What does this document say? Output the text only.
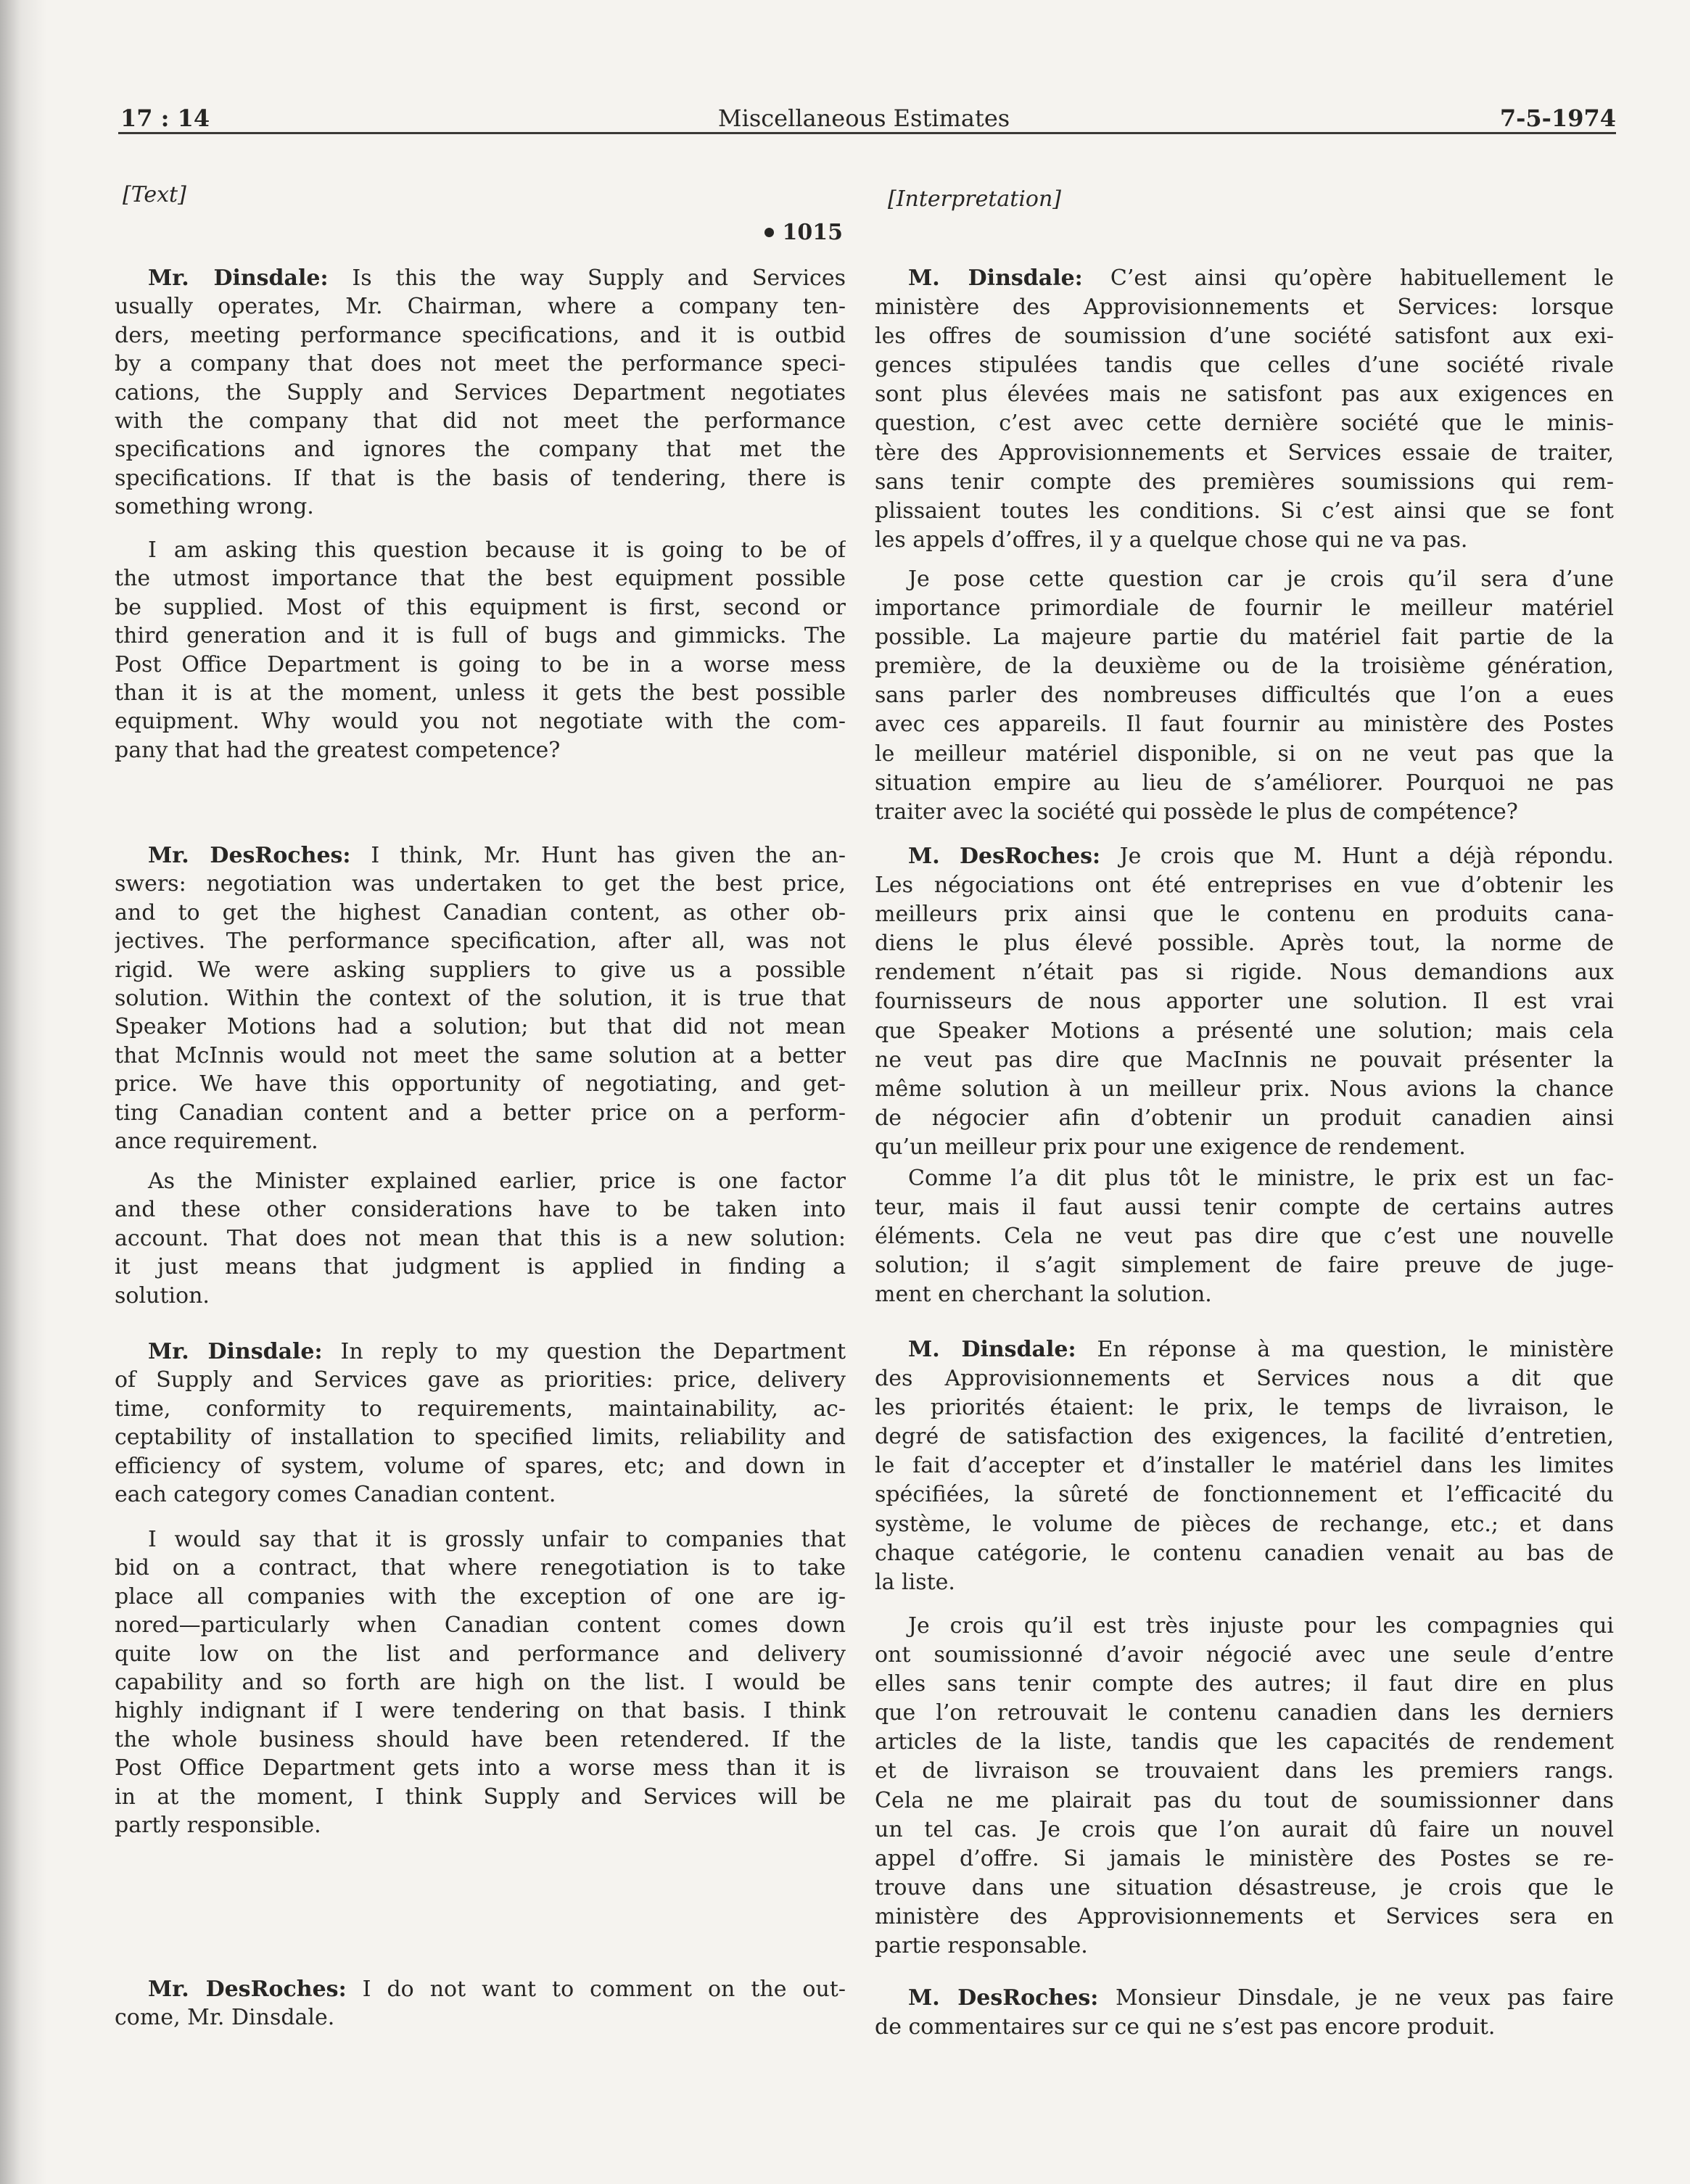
17 : 14	Miscellaneous Estimates	7-5-1974
[Text]
1015
Mr. Dinsdale: Is this the way Supply and Services
usually operates, Mr. Chairman, where a company ten-
ders, meeting performance specifications, and it is outbid
by a company that does not meet the performance speci-
cations, the Supply and Services Department negotiates
with the company that did not meet the performance
specifications and ignores the company that met the
specifications. If that is the basis of tendering, there is
something wrong.
I am asking this question because it is going to be of
the utmost importance that the best equipment possible
be supplied. Most of this equipment is first, second or
third generation and it is full of bugs and gimmicks. The
Post Office Department is going to be in a worse mess
than it is at the moment, unless it gets the best possible
equipment. Why would you not negotiate with the com-
pany that had the greatest competence?
Mr. DesRoches: I think, Mr. Hunt has given the an-
swers: negotiation was undertaken to get the best price,
and to get the highest Canadian content, as other ob-
jectives. The performance specification, after all, was not
rigid. We were asking suppliers to give us a possible
solution. Within the context of the solution, it is true that
Speaker Motions had a solution; but that did not mean
that McInnis would not meet the same solution at a better
price. We have this opportunity of negotiating, and get-
ting Canadian content and a better price on a perform-
ance requirement.
As the Minister explained earlier, price is one factor
and these other considerations have to be taken into
account. That does not mean that this is a new solution:
it just means that judgment is applied in finding a
solution.
Mr. Dinsdale: In reply to my question the Department
of Supply and Services gave as priorities: price, delivery
time, conformity to requirements, maintainability, ac-
ceptability of installation to specified limits, reliability and
efficiency of system, volume of spares, etc; and down in
each category comes Canadian content.
I would say that it is grossly unfair to companies that
bid on a contract, that where renegotiation is to take
place all companies with the exception of one are ig-
nored—particularly when Canadian content comes down
quite low on the list and performance and delivery
capability and so forth are high on the list. I would be
highly indignant if I were tendering on that basis. I think
the whole business should have been retendered. If the
Post Office Department gets into a worse mess than it is
in at the moment, I think Supply and Services will be
partly responsible.
Mr. DesRoches: I do not want to comment on the out-
come, Mr. Dinsdale.
[Interpretation]
M. Dinsdale: C’est ainsi qu’opère habituellement le
ministère des Approvisionnements et Services: lorsque
les offres de soumission d’une société satisfont aux exi-
gences stipulées tandis que celles d’une société rivale
sont plus élevées mais ne satisfont pas aux exigences en
question, c’est avec cette dernière société que le minis-
tère des Approvisionnements et Services essaie de traiter,
sans tenir compte des premières soumissions qui rem-
plissaient toutes les conditions. Si c’est ainsi que se font
les appels d’offres, il y a quelque chose qui ne va pas.
Je pose cette question car je crois qu’il sera d’une
importance primordiale de fournir le meilleur matériel
possible. La majeure partie du matériel fait partie de la
première, de la deuxième ou de la troisième génération,
sans parler des nombreuses difficultés que l’on a eues
avec ces appareils. Il faut fournir au ministère des Postes
le meilleur matériel disponible, si on ne veut pas que la
situation empire au lieu de s’améliorer. Pourquoi ne pas
traiter avec la société qui possède le plus de compétence?
M. DesRoches: Je crois que M. Hunt a déjà répondu.
Les négociations ont été entreprises en vue d’obtenir les
meilleurs prix ainsi que le contenu en produits cana-
diens le plus élevé possible. Après tout, la norme de
rendement n’était pas si rigide. Nous demandions aux
fournisseurs de nous apporter une solution. Il est vrai
que Speaker Motions a présenté une solution; mais cela
ne veut pas dire que MacInnis ne pouvait présenter la
même solution à un meilleur prix. Nous avions la chance
de négocier afin d’obtenir un produit canadien ainsi
qu’un meilleur prix pour une exigence de rendement.
Comme l’a dit plus tôt le ministre, le prix est un fac-
teur, mais il faut aussi tenir compte de certains autres
éléments. Cela ne veut pas dire que c’est une nouvelle
solution; il s’agit simplement de faire preuve de juge-
ment en cherchant la solution.
M. Dinsdale: En réponse à ma question, le ministère
des Approvisionnements et Services nous a dit que
les priorités étaient: le prix, le temps de livraison, le
degré de satisfaction des exigences, la facilité d’entretien,
le fait d’accepter et d’installer le matériel dans les limites
spécifiées, la sûreté de fonctionnement et l’efficacité du
système, le volume de pièces de rechange, etc.; et dans
chaque catégorie, le contenu canadien venait au bas de
la liste.
Je crois qu’il est très injuste pour les compagnies qui
ont soumissionné d’avoir négocié avec une seule d’entre
elles sans tenir compte des autres; il faut dire en plus
que l’on retrouvait le contenu canadien dans les derniers
articles de la liste, tandis que les capacités de rendement
et de livraison se trouvaient dans les premiers rangs.
Cela ne me plairait pas du tout de soumissionner dans
un tel cas. Je crois que l’on aurait dû faire un nouvel
appel d’offre. Si jamais le ministère des Postes se re-
trouve dans une situation désastreuse, je crois que le
ministère des Approvisionnements et Services sera en
partie responsable.
M. DesRoches: Monsieur Dinsdale, je ne veux pas faire
de commentaires sur ce qui ne s’est pas encore produit.
